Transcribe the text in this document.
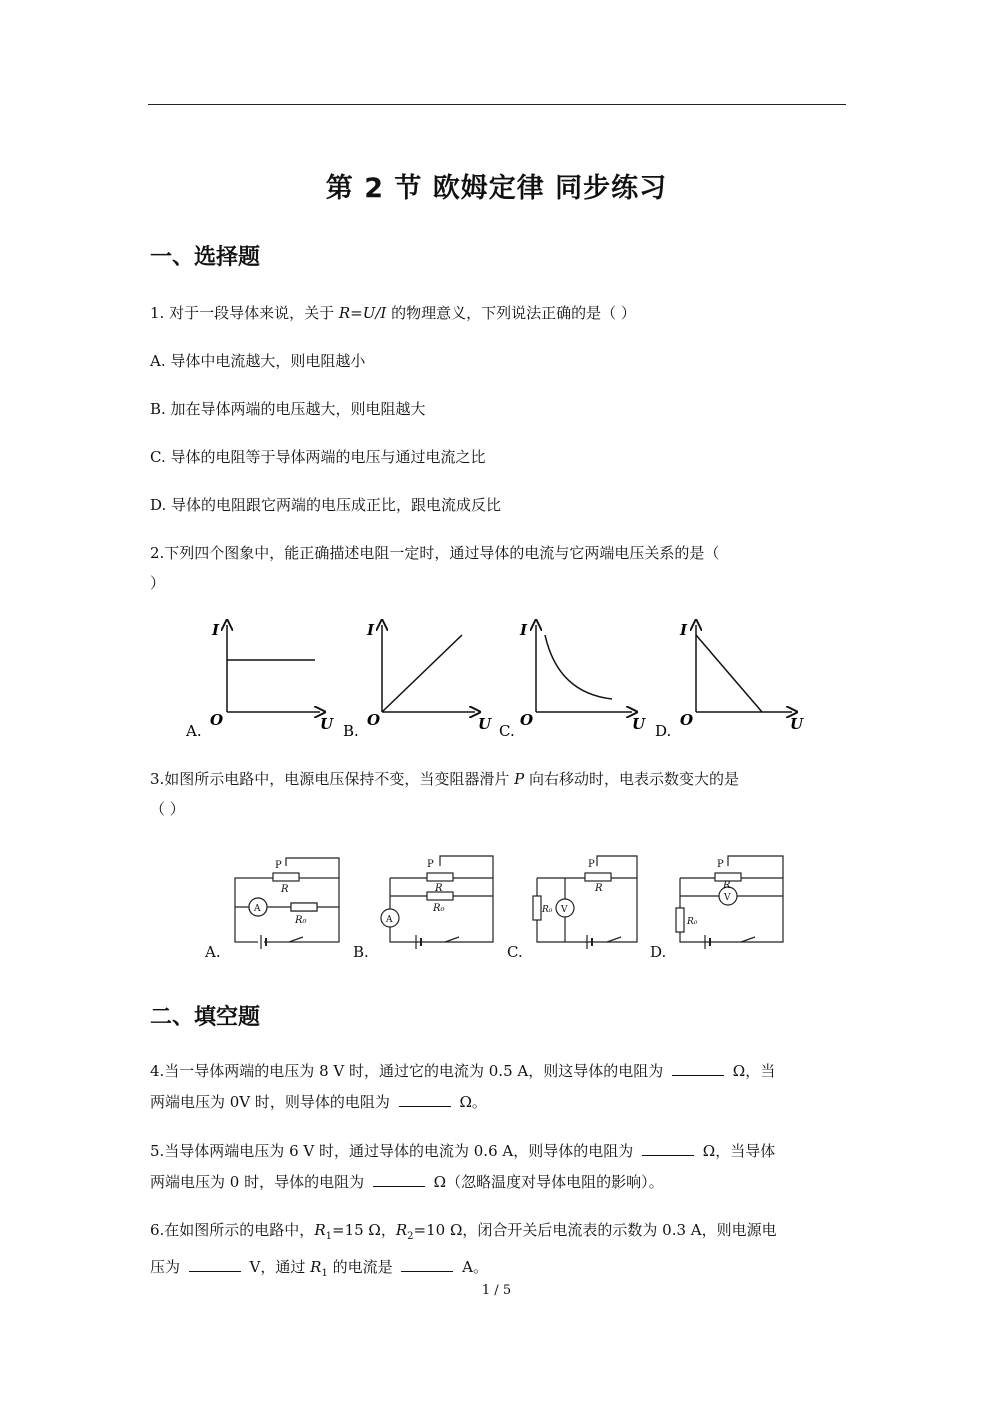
第 2 节 欧姆定律 同步练习
一、选择题
1. 对于一段导体来说，关于 R=U/I 的物理意义，下列说法正确的是（ ）
A. 导体中电流越大，则电阻越小
B. 加在导体两端的电压越大，则电阻越大
C. 导体的电阻等于导体两端的电压与通过电流之比
D. 导体的电阻跟它两端的电压成正比，跟电流成反比
2.下列四个图象中，能正确描述电阻一定时，通过导体的电流与它两端电压关系的是（
）
I
O	U
A.
I
O	U
B.
I
O	U
C.
I
O	U
D.
3.如图所示电路中，电源电压保持不变，当变阻器滑片 P 向右移动时，电表示数变大的是
（ ）
P
R
A
R₀
A.
P
R
R₀
A
B.
P
R
R₀ V
C.
P
R
V
R₀
D.
二、填空题
4.当一导体两端的电压为 8 V 时，通过它的电流为 0.5 A，则这导体的电阻为	Ω，当
两端电压为 0V 时，则导体的电阻为	Ω。
5.当导体两端电压为 6 V 时，通过导体的电流为 0.6 A，则导体的电阻为	Ω，当导体
两端电压为 0 时，导体的电阻为	Ω（忽略温度对导体电阻的影响）。
6.在如图所示的电路中，$R_1=15$ Ω，$R_2=10$ Ω，闭合开关后电流表的示数为 0.3 A，则电源电
压为	V，通过 $R_1$ 的电流是	A。
1 / 5
